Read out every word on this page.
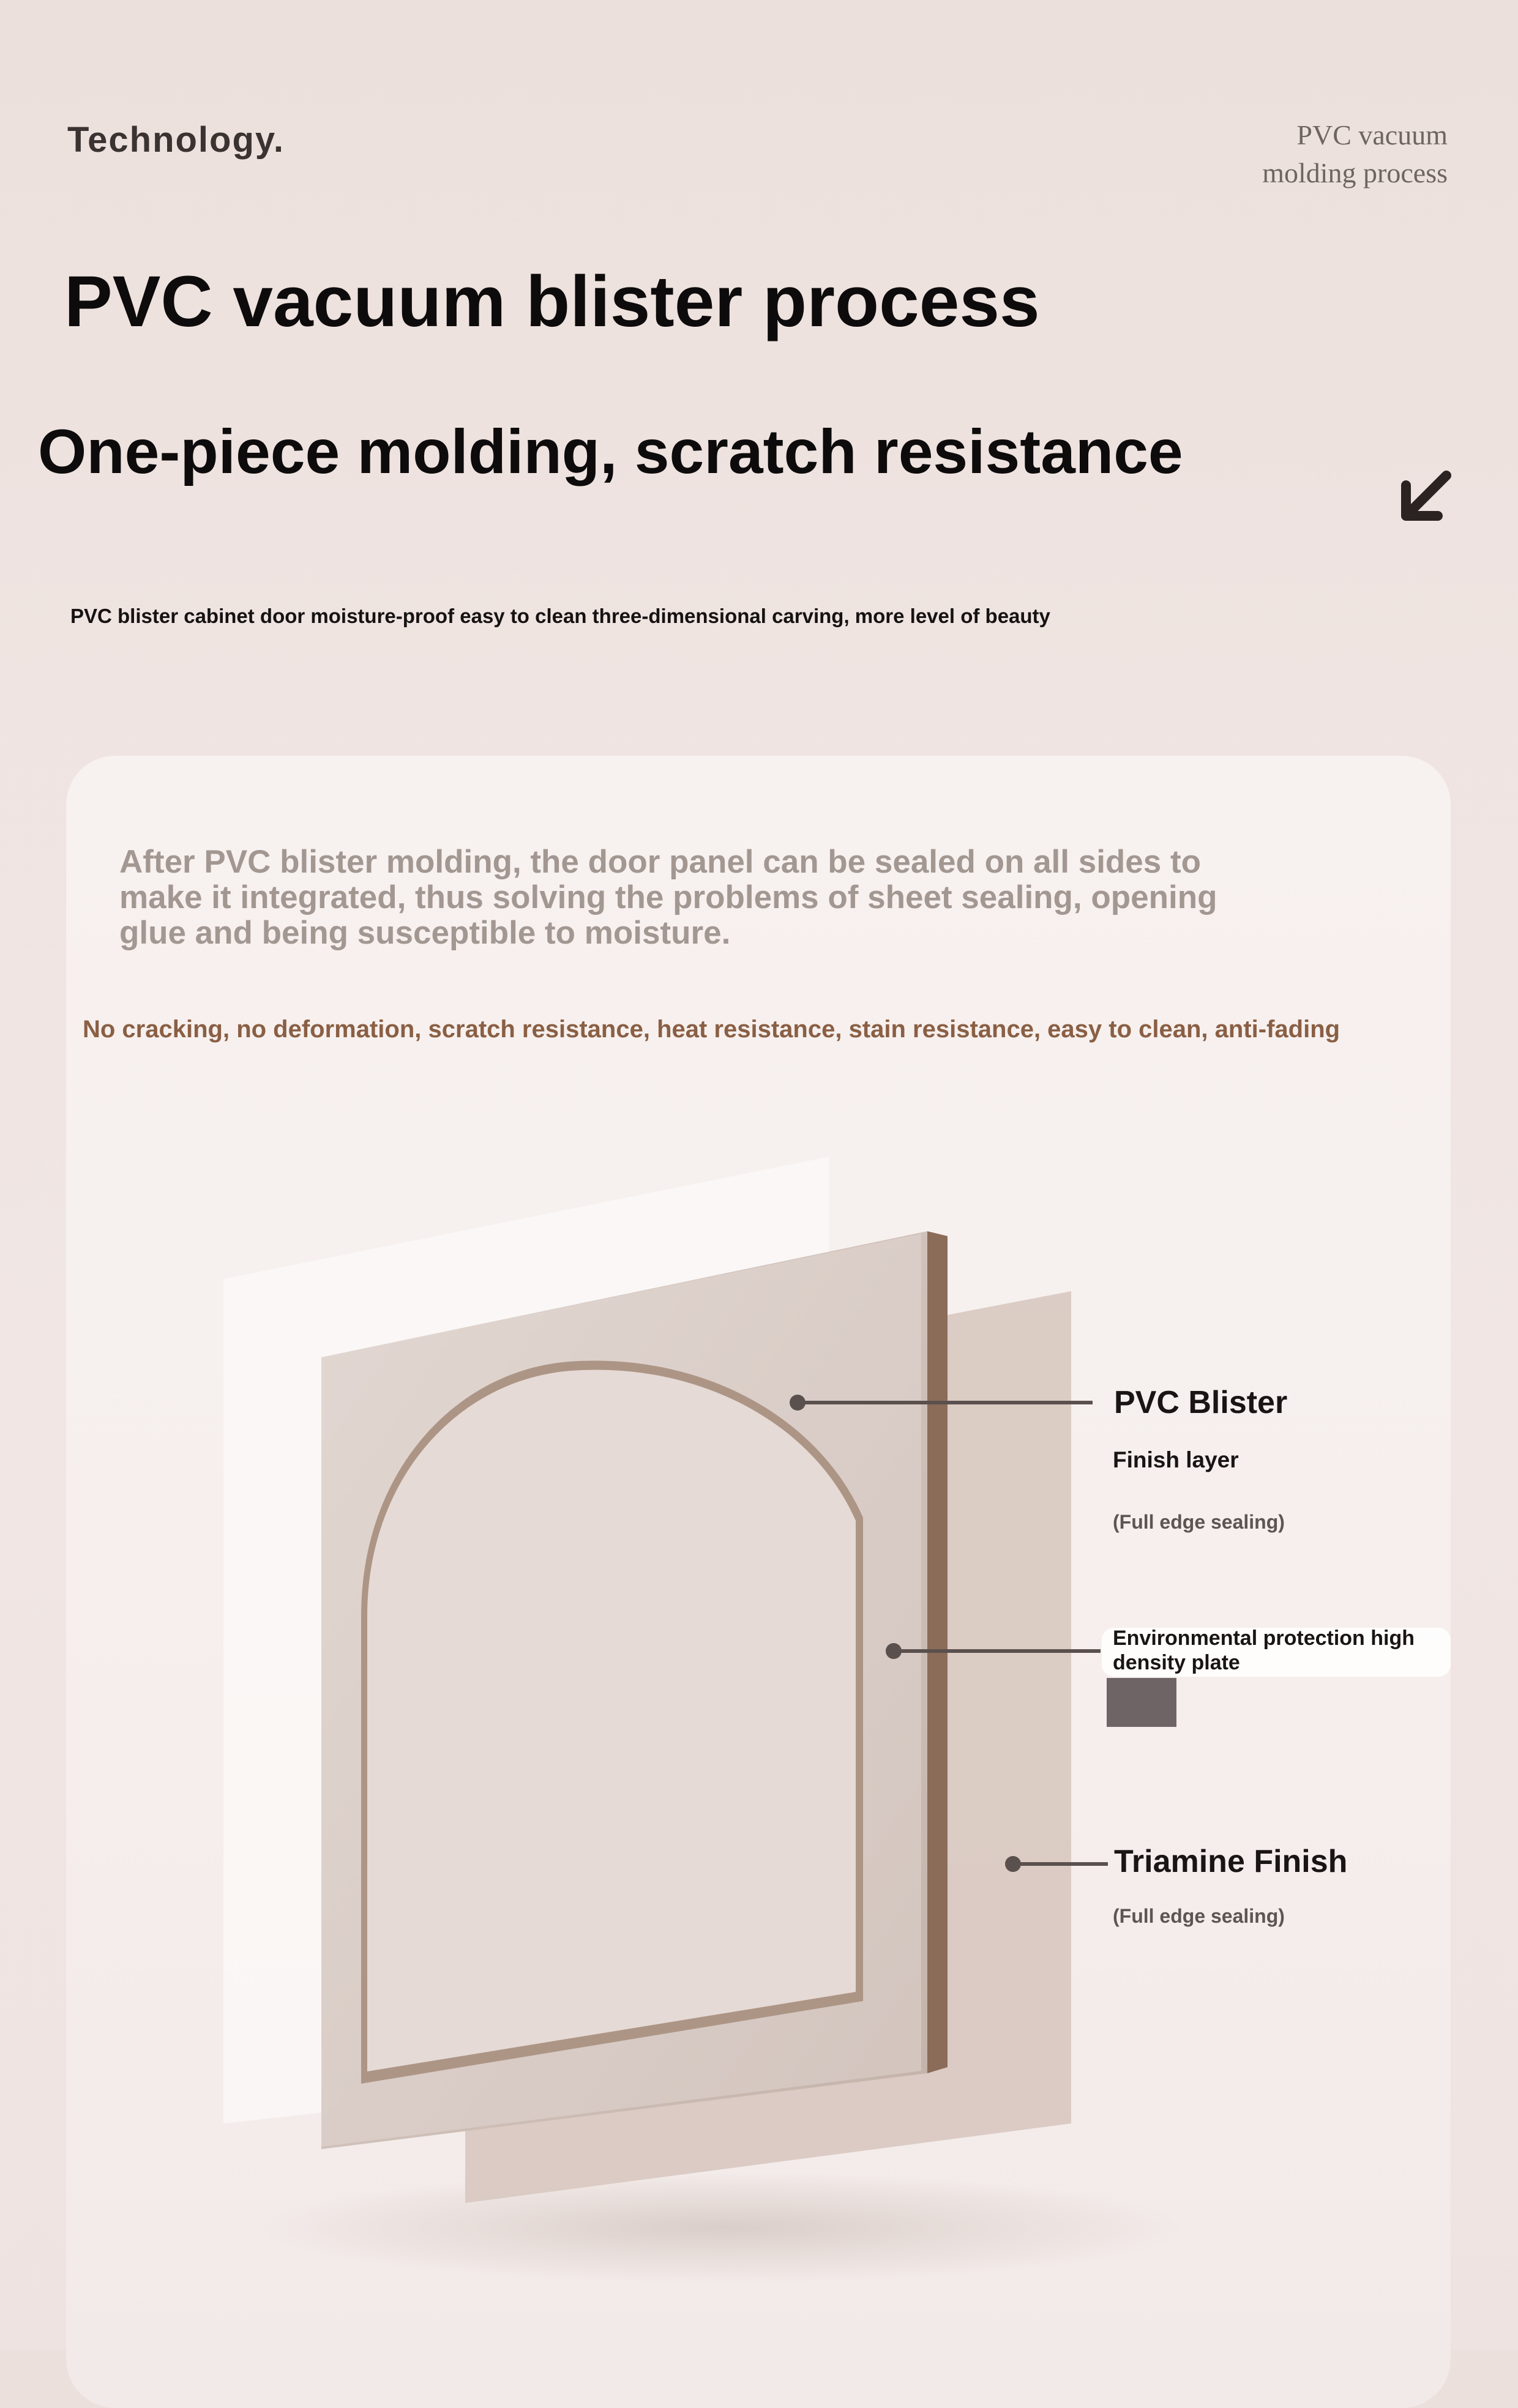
Technology.	PVC vacuum
molding process
PVC vacuum blister process
One-piece molding, scratch resistance
PVC blister cabinet door moisture-proof easy to clean three-dimensional carving, more level of beauty
After PVC blister molding, the door panel can be sealed on all sides to make it integrated, thus solving the problems of sheet sealing, opening glue and being susceptible to moisture.
No cracking, no deformation, scratch resistance, heat resistance, stain resistance, easy to clean, anti-fading
PVC Blister
Finish layer
(Full edge sealing)
Environmental protection high density plate
Triamine Finish
(Full edge sealing)
